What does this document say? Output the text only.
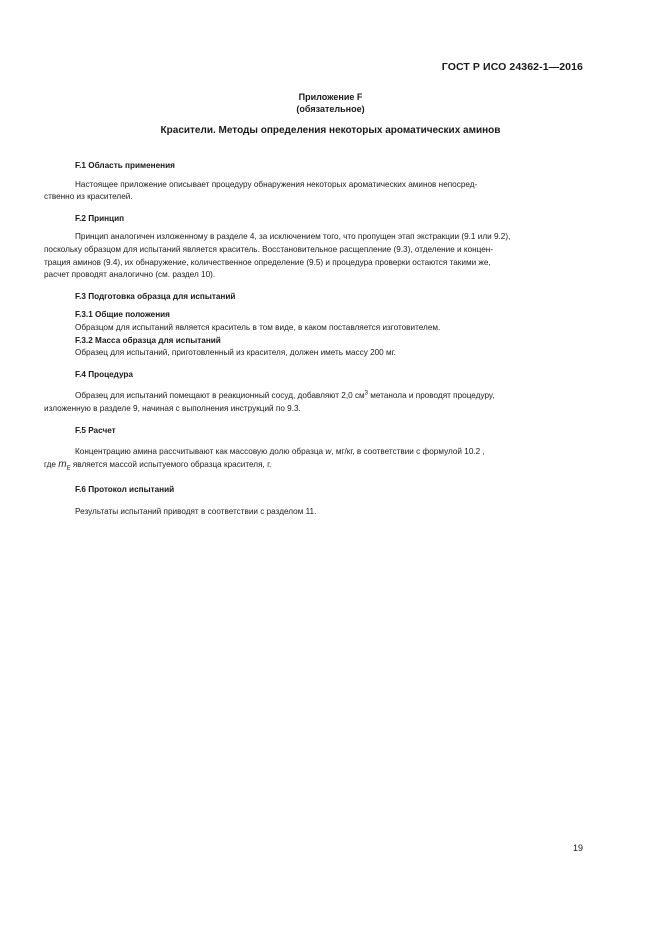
ГОСТ Р ИСО 24362-1—2016
Приложение F
(обязательное)
Красители. Методы определения некоторых ароматических аминов

F.1 Область применения

Настоящее приложение описывает процедуру обнаружения некоторых ароматических аминов непосред-
ственно из красителей.

F.2 Принцип

Принцип аналогичен изложенному в разделе 4, за исключением того, что пропущен этап экстракции (9.1 или 9.2),
поскольку образцом для испытаний является краситель. Восстановительное расщепление (9.3), отделение и концен-
трация аминов (9.4), их обнаружение, количественное определение (9.5) и процедура проверки остаются такими же,
расчет проводят аналогично (см. раздел 10).

F.3 Подготовка образца для испытаний

F.3.1 Общие положения

Образцом для испытаний является краситель в том виде, в каком поставляется изготовителем.

F.3.2 Масса образца для испытаний

Образец для испытаний, приготовленный из красителя, должен иметь массу 200 мг.

F.4 Процедура

Образец для испытаний помещают в реакционный сосуд, добавляют 2,0 $см^3$ метанола и проводят процедуру,
изложенную в разделе 9, начиная с выполнения инструкций по 9.3.

F.5 Расчет

Концентрацию амина рассчитывают как массовую долю образца w, мг/кг, в соответствии с формулой 10.2 ,
где $m_E$ является массой испытуемого образца красителя, г.

F.6 Протокол испытаний

Результаты испытаний приводят в соответствии с разделом 11.
19
